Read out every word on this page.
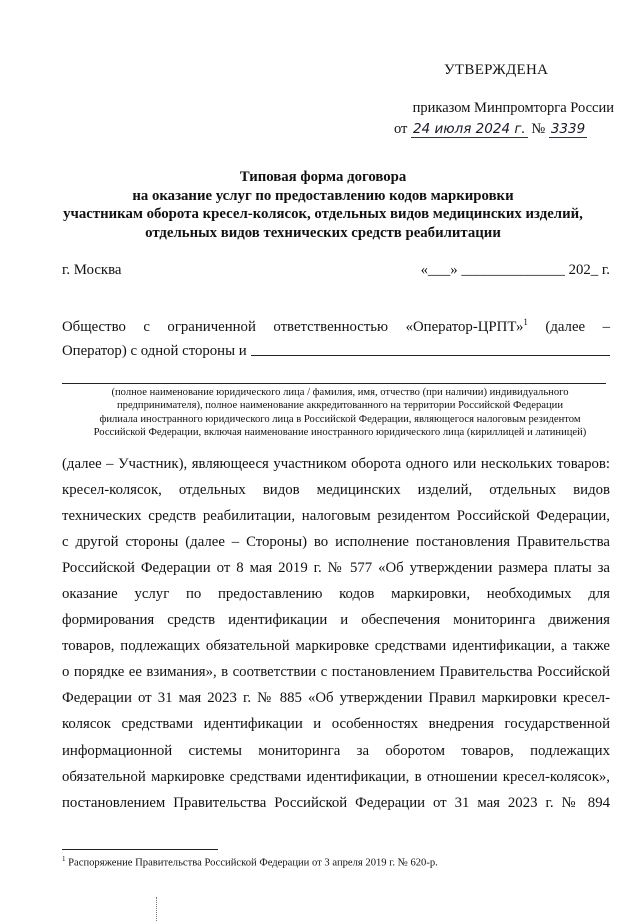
УТВЕРЖДЕНА
приказом Минпромторга России
от 24 июля 2024 г. № 3339
Типовая форма договора
на оказание услуг по предоставлению кодов маркировки
участникам оборота кресел-колясок, отдельных видов медицинских изделий,
отдельных видов технических средств реабилитации
г. Москва	«___» ______________ 202_ г.
Общество с ограниченной ответственностью «Оператор-ЦРПТ»$^1$ (далее –
Оператор) с одной стороны и
(полное наименование юридического лица / фамилия, имя, отчество (при наличии) индивидуального
предпринимателя), полное наименование аккредитованного на территории Российской Федерации
филиала иностранного юридического лица в Российской Федерации, являющегося налоговым резидентом
Российской Федерации, включая наименование иностранного юридического лица (кириллицей и латиницей)
(далее – Участник), являющееся участником оборота одного или нескольких товаров:
кресел-колясок, отдельных видов медицинских изделий, отдельных видов
технических средств реабилитации, налоговым резидентом Российской Федерации,
с другой стороны (далее – Стороны) во исполнение постановления Правительства
Российской Федерации от 8 мая 2019 г. № 577 «Об утверждении размера платы за
оказание услуг по предоставлению кодов маркировки, необходимых для
формирования средств идентификации и обеспечения мониторинга движения
товаров, подлежащих обязательной маркировке средствами идентификации, а также
о порядке ее взимания», в соответствии с постановлением Правительства Российской
Федерации от 31 мая 2023 г. № 885 «Об утверждении Правил маркировки кресел-
колясок средствами идентификации и особенностях внедрения государственной
информационной системы мониторинга за оборотом товаров, подлежащих
обязательной маркировке средствами идентификации, в отношении кресел-колясок»,
постановлением Правительства Российской Федерации от 31 мая 2023 г. № 894
$^1$ Распоряжение Правительства Российской Федерации от 3 апреля 2019 г. № 620-р.
